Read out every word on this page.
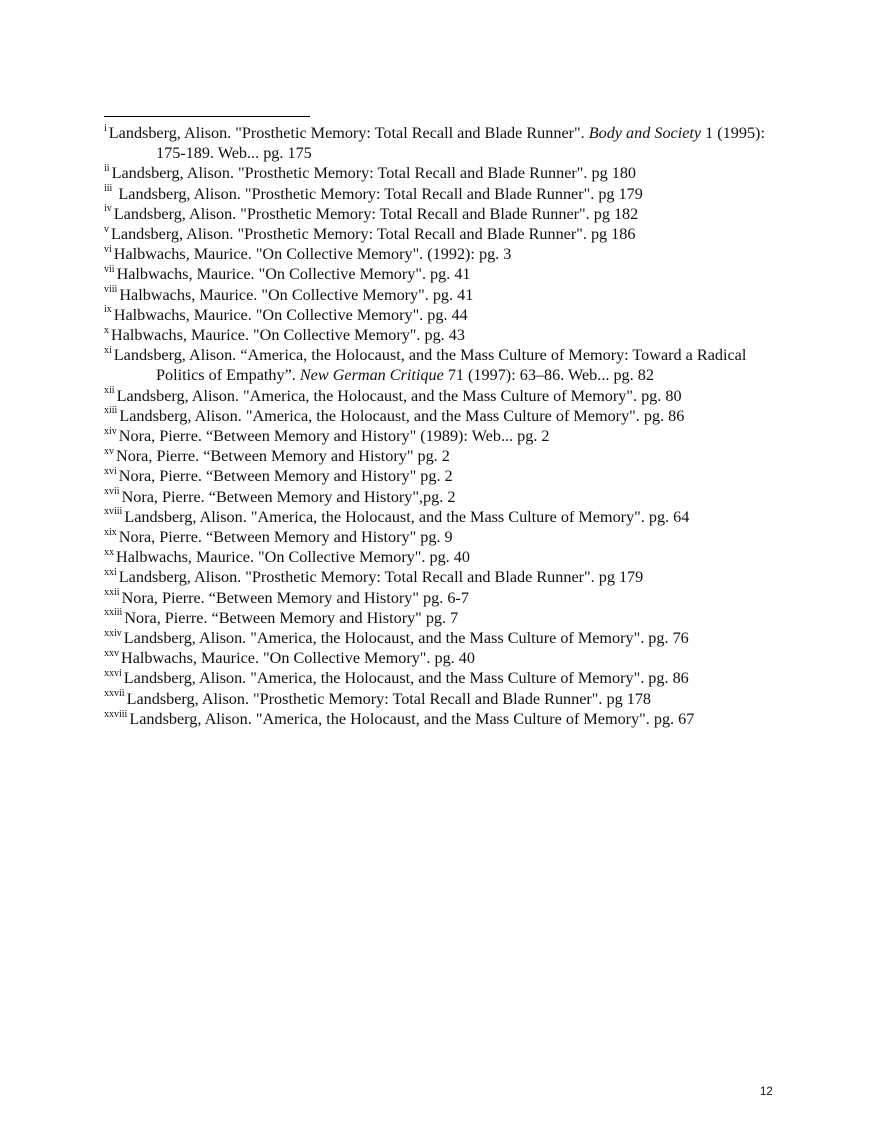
$^i$ Landsberg, Alison. "Prosthetic Memory: Total Recall and Blade Runner". Body and Society 1 (1995): 175-189. Web... pg. 175
$^{ii}$ Landsberg, Alison. "Prosthetic Memory: Total Recall and Blade Runner". pg 180
$^{iii}$ Landsberg, Alison. "Prosthetic Memory: Total Recall and Blade Runner". pg 179
$^{iv}$ Landsberg, Alison. "Prosthetic Memory: Total Recall and Blade Runner". pg 182
$^v$ Landsberg, Alison. "Prosthetic Memory: Total Recall and Blade Runner". pg 186
$^{vi}$ Halbwachs, Maurice. "On Collective Memory". (1992): pg. 3
$^{vii}$ Halbwachs, Maurice. "On Collective Memory". pg. 41
$^{viii}$ Halbwachs, Maurice. "On Collective Memory". pg. 41
$^{ix}$ Halbwachs, Maurice. "On Collective Memory". pg. 44
$^x$ Halbwachs, Maurice. "On Collective Memory". pg. 43
$^{xi}$ Landsberg, Alison. “America, the Holocaust, and the Mass Culture of Memory: Toward a Radical Politics of Empathy”. New German Critique 71 (1997): 63–86. Web... pg. 82
$^{xii}$ Landsberg, Alison. "America, the Holocaust, and the Mass Culture of Memory". pg. 80
$^{xiii}$ Landsberg, Alison. "America, the Holocaust, and the Mass Culture of Memory". pg. 86
$^{xiv}$ Nora, Pierre. “Between Memory and History" (1989): Web... pg. 2
$^{xv}$ Nora, Pierre. “Between Memory and History" pg. 2
$^{xvi}$ Nora, Pierre. “Between Memory and History" pg. 2
$^{xvii}$ Nora, Pierre. “Between Memory and History",pg. 2
$^{xviii}$ Landsberg, Alison. "America, the Holocaust, and the Mass Culture of Memory". pg. 64
$^{xix}$ Nora, Pierre. “Between Memory and History" pg. 9
$^{xx}$ Halbwachs, Maurice. "On Collective Memory". pg. 40
$^{xxi}$ Landsberg, Alison. "Prosthetic Memory: Total Recall and Blade Runner". pg 179
$^{xxii}$ Nora, Pierre. “Between Memory and History" pg. 6-7
$^{xxiii}$ Nora, Pierre. “Between Memory and History" pg. 7
$^{xxiv}$ Landsberg, Alison. "America, the Holocaust, and the Mass Culture of Memory". pg. 76
$^{xxv}$ Halbwachs, Maurice. "On Collective Memory". pg. 40
$^{xxvi}$ Landsberg, Alison. "America, the Holocaust, and the Mass Culture of Memory". pg. 86
$^{xxvii}$ Landsberg, Alison. "Prosthetic Memory: Total Recall and Blade Runner". pg 178
$^{xxviii}$ Landsberg, Alison. "America, the Holocaust, and the Mass Culture of Memory". pg. 67
12
